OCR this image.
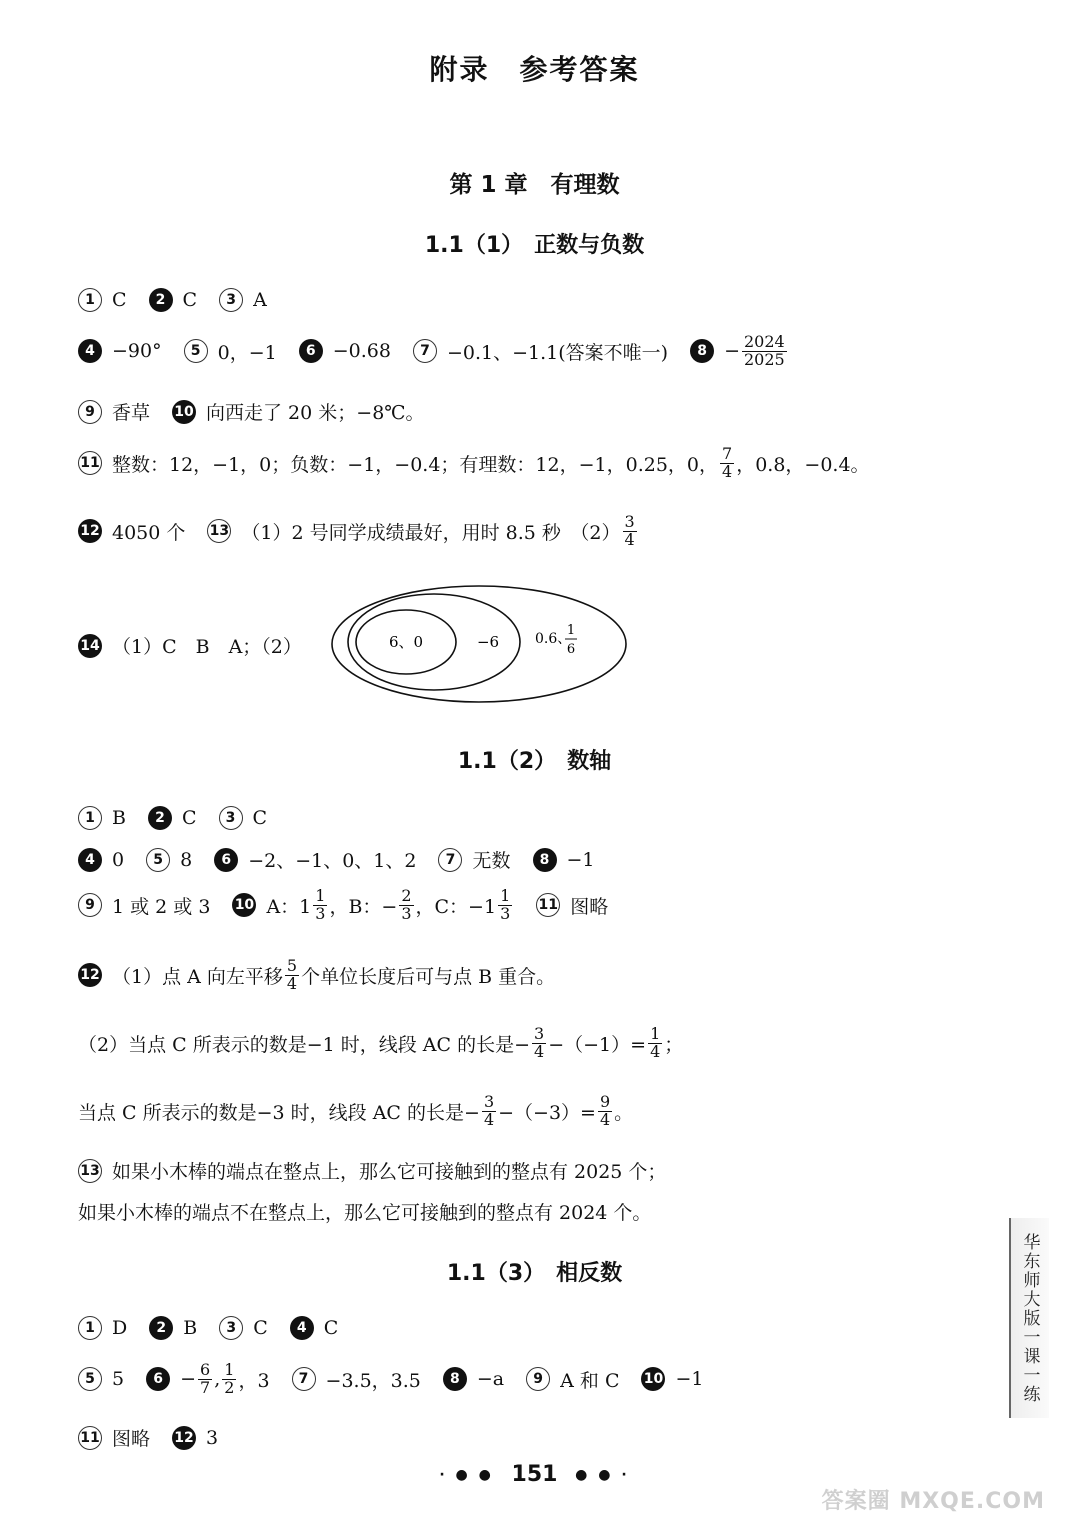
附录　参考答案
第 1 章　有理数
1.1（1）　正数与负数
1 C	2 C	3 A
4 −90°	5 0，−1	6 −0.68	7 −0.1、−1.1(答案不唯一)	$8 - \frac{2024}{2025}$
9 香草 10 向西走了 20 米；−8℃。
11 整数：12，−1，0；负数：−1，−0.4；有理数：12，−1，0.25，0， $\frac{7}{4}$ ，0.8，−0.4。
12 4050 个 13 （1）2 号同学成绩最好，用时 8.5 秒　$(2) \frac{3}{4}$
14 （1）C　B　A；（2）	6、0	−6	0.6、
1
6
1.1（2）　数轴
1 B	2 C	3 C
4 0	5 8	6 −2、−1、0、1、2	7 无数	8 −1
9 1 或 2 或 3 10 A：$1 \frac{1}{3}$ ，B：− $\frac{2}{3}$ ，C：$-1 \frac{1}{3} 11$ 图略
12 （1）点 A 向左平移 $\frac{5}{4}$ 个单位长度后可与点 B 重合。
（2）当点 C 所表示的数是−1 时，线段 AC 的长是− $\frac{3}{4} -(-1)= \frac{1}{4}$ ；
当点 C 所表示的数是−3 时，线段 AC 的长是− $\frac{3}{4} -(-3)= \frac{9}{4}$ 。
13 如果小木棒的端点在整点上，那么它可接触到的整点有 2025 个；
如果小木棒的端点不在整点上，那么它可接触到的整点有 2024 个。
1.1（3）　相反数
1 D	2 B	3 C	4 C
5 5	$6 - \frac{6}{7}$ , $\frac{1}{2}$ ，3	7 −3.5，3.5	8 −a	9 A 和 C 10 −1
11 图略 12 3
华东师大版一课一练
· ● ● 151 ● ● ·
答案圈 MXQE.COM
